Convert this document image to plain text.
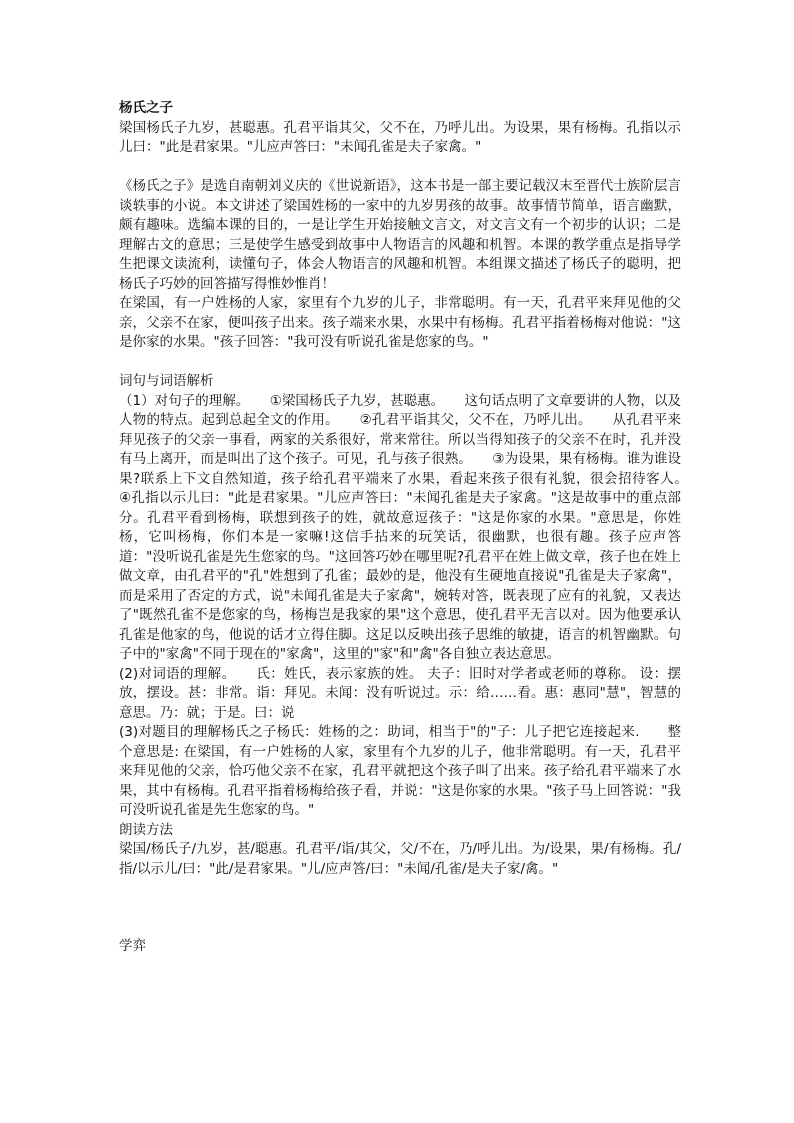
杨氏之子

梁国杨氏子九岁，甚聪惠。孔君平诣其父，父不在，乃呼儿出。为设果，果有杨梅。孔指以示儿曰："此是君家果。"儿应声答曰："未闻孔雀是夫子家禽。"

《杨氏之子》是选自南朝刘义庆的《世说新语》，这本书是一部主要记载汉末至晋代士族阶层言谈轶事的小说。本文讲述了梁国姓杨的一家中的九岁男孩的故事。故事情节简单，语言幽默，颇有趣味。选编本课的目的，一是让学生开始接触文言文，对文言文有一个初步的认识；二是理解古文的意思；三是使学生感受到故事中人物语言的风趣和机智。本课的教学重点是指导学生把课文读流利，读懂句子，体会人物语言的风趣和机智。本组课文描述了杨氏子的聪明，把杨氏子巧妙的回答描写得惟妙惟肖！

在梁国，有一户姓杨的人家，家里有个九岁的儿子，非常聪明。有一天，孔君平来拜见他的父亲，父亲不在家，便叫孩子出来。孩子端来水果，水果中有杨梅。孔君平指着杨梅对他说："这是你家的水果。"孩子回答："我可没有听说孔雀是您家的鸟。"

词句与词语解析

（1）对句子的理解。　　①梁国杨氏子九岁，甚聪惠。　　这句话点明了文章要讲的人物，以及人物的特点。起到总起全文的作用。　　②孔君平诣其父，父不在，乃呼儿出。　　从孔君平来拜见孩子的父亲一事看，两家的关系很好，常来常往。所以当得知孩子的父亲不在时，孔并没有马上离开，而是叫出了这个孩子。可见，孔与孩子很熟。　　③为设果，果有杨梅。谁为谁设果?联系上下文自然知道，孩子给孔君平端来了水果，看起来孩子很有礼貌，很会招待客人。　　④孔指以示儿曰："此是君家果。"儿应声答曰："未闻孔雀是夫子家禽。"这是故事中的重点部分。孔君平看到杨梅，联想到孩子的姓，就故意逗孩子："这是你家的水果。"意思是，你姓杨，它叫杨梅，你们本是一家嘛!这信手拈来的玩笑话，很幽默，也很有趣。孩子应声答道："没听说孔雀是先生您家的鸟。"这回答巧妙在哪里呢?孔君平在姓上做文章，孩子也在姓上做文章，由孔君平的"孔"姓想到了孔雀；最妙的是，他没有生硬地直接说"孔雀是夫子家禽"，而是采用了否定的方式，说"未闻孔雀是夫子家禽"，婉转对答，既表现了应有的礼貌，又表达了"既然孔雀不是您家的鸟，杨梅岂是我家的果"这个意思，使孔君平无言以对。因为他要承认孔雀是他家的鸟，他说的话才立得住脚。这足以反映出孩子思维的敏捷，语言的机智幽默。句子中的"家禽"不同于现在的"家禽"，这里的"家"和"禽"各自独立表达意思。

(2)对词语的理解。　　氏：姓氏，表示家族的姓。 夫子：旧时对学者或老师的尊称。 设：摆放，摆设。甚：非常。诣：拜见。未闻：没有听说过。示：给……看。惠：惠同"慧"，智慧的意思。乃：就；于是。曰：说

(3)对题目的理解杨氏之子杨氏：姓杨的之：助词，相当于"的"子：儿子把它连接起来.　　整个意思是: 在梁国，有一户姓杨的人家，家里有个九岁的儿子，他非常聪明。有一天，孔君平来拜见他的父亲，恰巧他父亲不在家，孔君平就把这个孩子叫了出来。孩子给孔君平端来了水果，其中有杨梅。孔君平指着杨梅给孩子看，并说："这是你家的水果。"孩子马上回答说："我可没听说孔雀是先生您家的鸟。"

朗读方法

梁国/杨氏子/九岁，甚/聪惠。孔君平/诣/其父，父/不在，乃/呼儿出。为/设果，果/有杨梅。孔/指/以示儿/曰："此/是君家果。"儿/应声答/曰："未闻/孔雀/是夫子家/禽。"

学弈
